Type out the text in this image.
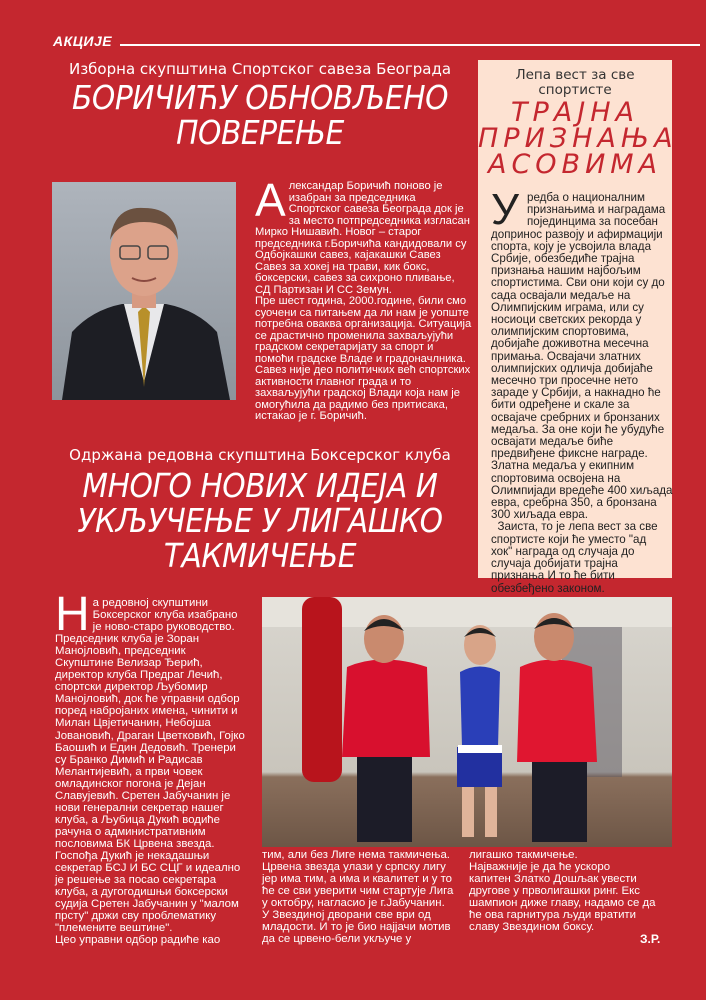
АКЦИЈЕ
Изборна скупштина Спортског савеза Београда
БОРИЧИЋУ ОБНОВЉЕНО
ПОВЕРЕЊЕ
Александар Боричић поново је
изабран за председника
Спортског савеза Београда док је
за место потпредседника изгласан
Мирко Нишавић. Новог – старог
председника г.Боричића кандидовали су
Одбојкашки савез, кајакашки Савез
Савез за хокеј на трави, кик бокс,
боксерски, савез за сихроно пливање,
СД Партизан И СС Земун.
Пре шест година, 2000.године, били смо
суочени са питањем да ли нам је уопште
потребна оваква организација. Ситуација
се драстично променила захваљујући
градском секретаријату за спорт и
помоћи градске Владе и градоначлника.
Савез није део политичких већ спортских
активности главног града и то
захваљујући градској Влади која нам је
омогућила да радимо без притисака,
истакао је г. Боричић.
Лепа вест за све спортисте
ТРАЈНА
ПРИЗНАЊА
АСОВИМА
У редба о националним
признањима и наградама
појединцима за посебан
допринос развоју и афирмацији
спорта, коју је усвојила влада
Србије, обезбедиће трајна
признања нашим најбољим
спортистима. Сви они који су до
сада освајали медаље на
Олимпијским играма, или су
носиоци светских рекорда у
олимпијским спортовима,
добијаће доживотна месечна
примања. Освајачи златних
олимпијских одличја добијаће
месечно три просечне нето
зараде у Србији, а накнадно ће
бити одређене и скале за
освајаче сребрних и бронзаних
медаља. За оне који ће убудуће
освајати медаље биће
предвиђене фиксне награде.
Златна медаља у екипним
спортовима освојена на
Олимпијади вредеће 400 хиљада
евра, сребрна 350, а бронзана
300 хиљада евра.
Заиста, то је лепа вест за све
спортисте који ће уместо "ад
хок" награда од случаја до
случаја добијати трајна
признања И то ће бити
обезбеђено законом.
Одржана редовна скупштина Боксерског клуба
МНОГО НОВИХ ИДЕЈА И
УКЉУЧЕЊЕ У ЛИГАШКО
ТАКМИЧЕЊЕ
На редовној скупштини
Боксерског клуба изабрано
је ново-старо руководство.
Председник клуба је Зоран
Манојловић, председник
Скупштине Велизар Ђерић,
директор клуба Предраг Лечић,
спортски директор Љубомир
Манојловић, док ће управни одбор
поред набројаних имена, чинити и
Милан Цвјетичанин, Небојша
Јовановић, Драган Цветковић, Гојко
Баошић и Един Дедовић. Тренери
су Бранко Димић и Радисав
Мелантијевић, а први човек
омладинског погона је Дејан
Славујевић. Сретен Јабучанин је
нови генерални секретар нашег
клуба, а Љубица Дукић водиће
рачуна о административним
пословима БК Црвена звезда.
Госпођа Дукић је некадашњи
секретар БСЈ И БС СЦГ и идеално
је решење за посао секретара
клуба, а дугогодишњи боксерски
судија Сретен Јабучанин у "малом
прсту" држи сву проблематику
"племените вештине".
Цео управни одбор радиће као
тим, али без Лиге нема такмичења.
Црвена звезда улази у српску лигу
јер има тим, а има и квалитет и у то
ће се сви уверити чим стартује Лига
у октобру, нагласио је г.Јабучанин.
У Звездиној дворани све ври од
младости. И то је био најјачи мотив
да се црвено-бели укључе у
лигашко такмичење.
Најважније је да ће ускоро
капитен Златко Дошљак увести
другове у прволигашки ринг. Екс
шампион диже главу, надамо се да
ће ова гарнитура људи вратити
славу Звездином боксу.
З.Р.
